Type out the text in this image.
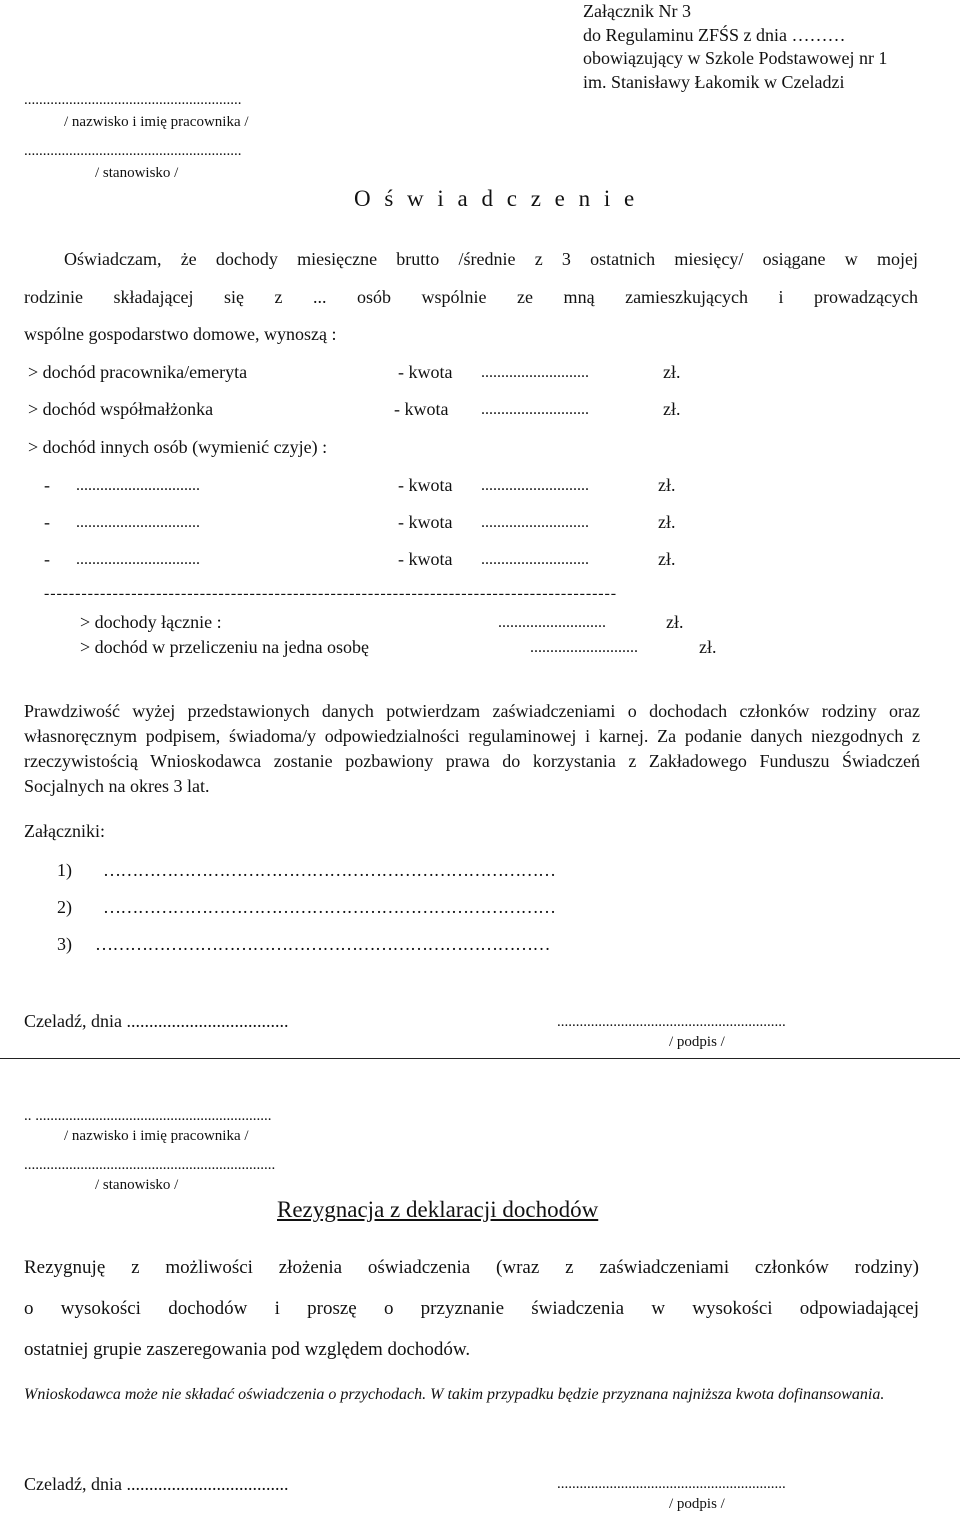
Załącznik Nr 3
do Regulaminu ZFŚS z dnia ………
obowiązujący w Szkole Podstawowej nr 1
im. Stanisławy Łakomik w Czeladzi
..........................................................
/ nazwisko i imię pracownika /
..........................................................
/ stanowisko /
O ś w i a d c z e n i e
Oświadczam, że dochody miesięczne brutto /średnie z 3 ostatnich miesięcy/ osiągane w mojej
rodzinie składającej się z ... osób wspólnie ze mną zamieszkujących i prowadzących
wspólne gospodarstwo domowe, wynoszą :
> dochód pracownika/emeryta	- kwota ...........................	zł.
> dochód współmałżonka	- kwota ...........................	zł.
> dochód innych osób (wymienić czyje) :
- ...............................	- kwota ...........................	zł.
- ...............................	- kwota ...........................	zł.
- ...............................	- kwota ...........................	zł.
--------------------------------------------------------------------------------------------
> dochody łącznie :	...........................	zł.
> dochód w przeliczeniu na jedna osobę	...........................	zł.
Prawdziwość wyżej przedstawionych danych potwierdzam zaświadczeniami o dochodach członków rodziny oraz własnoręcznym podpisem, świadoma/y odpowiedzialności regulaminowej i karnej. Za podanie danych niezgodnych z rzeczywistością Wnioskodawca zostanie pozbawiony prawa do korzystania z Zakładowego Funduszu Świadczeń Socjalnych na okres 3 lat.
Załączniki:
1) ……………………………………………………………………
2) ……………………………………………………………………
3) ……………………………………………………………………
Czeladź, dnia ....................................	.............................................................
/ podpis /
.. ...............................................................
/ nazwisko i imię pracownika /
...................................................................
/ stanowisko /
Rezygnacja z deklaracji dochodów
Rezygnuję z możliwości złożenia oświadczenia (wraz z zaświadczeniami członków rodziny)
o wysokości dochodów i proszę o przyznanie świadczenia w wysokości odpowiadającej
ostatniej grupie zaszeregowania pod względem dochodów.
Wnioskodawca może nie składać oświadczenia o przychodach. W takim przypadku będzie przyznana najniższa kwota dofinansowania.
Czeladź, dnia ....................................	.............................................................
/ podpis /
